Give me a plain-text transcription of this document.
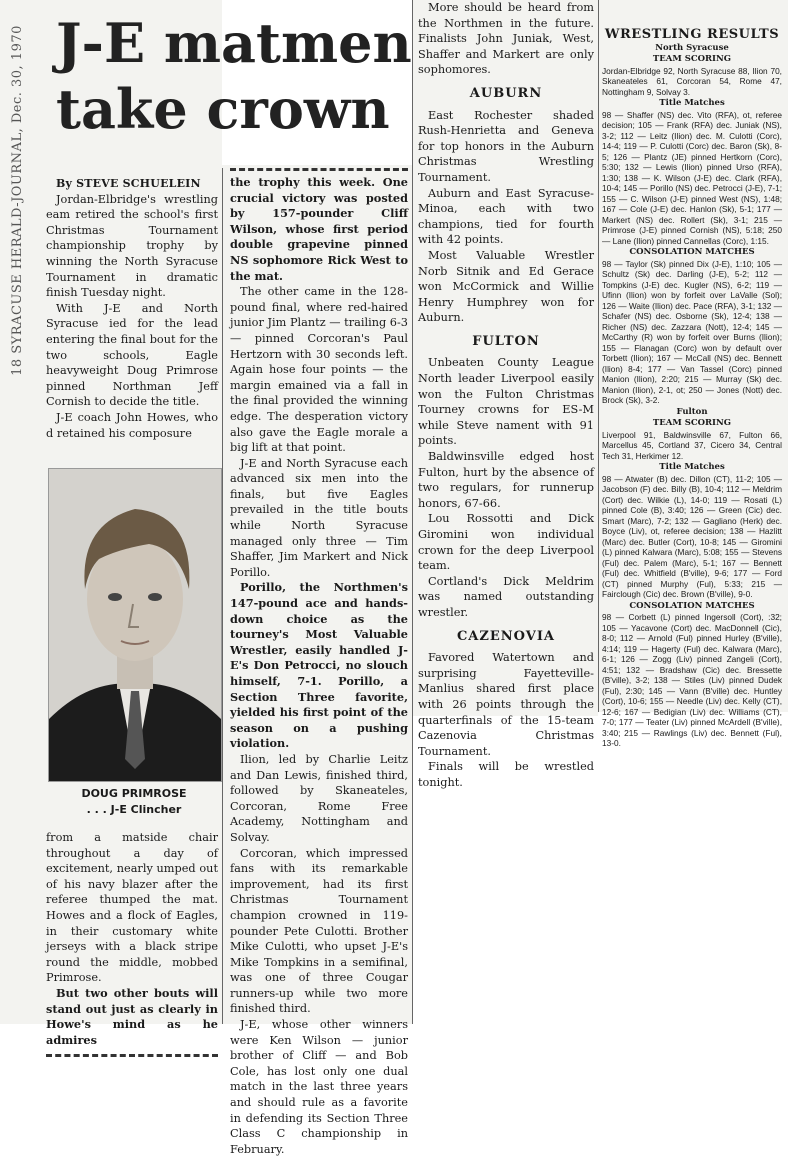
18 SYRACUSE HERALD-JOURNAL, Dec. 30, 1970 J-E matmen take crown

By STEVE SCHUELEIN

Jordan-Elbridge's wrestling eam retired the school's first Christmas Tournament championship trophy by winning the North Syracuse Tournament in dramatic finish Tuesday night.

With J-E and North Syracuse ied for the lead entering the final bout for the two schools, Eagle heavyweight Doug Primrose pinned Northman Jeff Cornish to decide the title.

J-E coach John Howes, who d retained his composure

DOUG PRIMROSE
. . . J-E Clincher

from a matside chair throughout a day of excitement, nearly umped out of his navy blazer after the referee thumped the mat. Howes and a flock of Eagles, in their customary white jerseys with a black stripe round the middle, mobbed Primrose.

But two other bouts will stand out just as clearly in Howe's mind as he admires

the trophy this week. One crucial victory was posted by 157-pounder Cliff Wilson, whose first period double grapevine pinned NS sophomore Rick West to the mat.

The other came in the 128-pound final, where red-haired junior Jim Plantz — trailing 6-3 — pinned Corcoran's Paul Hertzorn with 30 seconds left. Again hose four points — the margin emained via a fall in the final provided the winning edge. The desperation victory also gave the Eagle morale a big lift at that point.

J-E and North Syracuse each advanced six men into the finals, but five Eagles prevailed in the title bouts while North Syracuse managed only three — Tim Shaffer, Jim Markert and Nick Porillo.

Porillo, the Northmen's 147-pound ace and hands-down choice as the tourney's Most Valuable Wrestler, easily handled J-E's Don Petrocci, no slouch himself, 7-1. Porillo, a Section Three favorite, yielded his first point of the season on a pushing violation.

Ilion, led by Charlie Leitz and Dan Lewis, finished third, followed by Skaneateles, Corcoran, Rome Free Academy, Nottingham and Solvay.

Corcoran, which impressed fans with its remarkable improvement, had its first Christmas Tournament champion crowned in 119-pounder Pete Culotti. Brother Mike Culotti, who upset J-E's Mike Tompkins in a semifinal, was one of three Cougar runners-up while two more finished third.

J-E, whose other winners were Ken Wilson — junior brother of Cliff — and Bob Cole, has lost only one dual match in the last three years and should rule as a favorite in defending its Section Three Class C championship in February.

More should be heard from the Northmen in the future. Finalists John Juniak, West, Shaffer and Markert are only sophomores.

AUBURN

East Rochester shaded Rush-Henrietta and Geneva for top honors in the Auburn Christmas Wrestling Tournament.

Auburn and East Syracuse-Minoa, each with two champions, tied for fourth with 42 points.

Most Valuable Wrestler Norb Sitnik and Ed Gerace won McCormick and Willie Henry Humphrey won for Auburn.

FULTON

Unbeaten County League North leader Liverpool easily won the Fulton Christmas Tourney crowns for ES-M while Steve nament with 91 points.

Baldwinsville edged host Fulton, hurt by the absence of two regulars, for runnerup honors, 67-66.

Lou Rossotti and Dick Giromini won individual crown for the deep Liverpool team.

Cortland's Dick Meldrim was named outstanding wrestler.

CAZENOVIA

Favored Watertown and surprising Fayetteville-Manlius shared first place with 26 points through the quarterfinals of the 15-team Cazenovia Christmas Tournament.

Finals will be wrestled tonight.

WRESTLING RESULTS
North Syracuse
TEAM SCORING

Jordan-Elbridge 92, North Syracuse 88, Ilion 70, Skaneateles 61, Corcoran 54, Rome 47, Nottingham 9, Solvay 3.

Title Matches

98 — Shaffer (NS) dec. Vito (RFA), ot, referee decision; 105 — Frank (RFA) dec. Juniak (NS), 3-2; 112 — Leitz (Ilion) dec. M. Culotti (Corc), 14-4; 119 — P. Culotti (Corc) dec. Baron (Sk), 8-5; 126 — Plantz (JE) pinned Hertkorn (Corc), 5:30; 132 — Lewis (Ilion) pinned Urso (RFA), 1:30; 138 — K. Wilson (J-E) dec. Clark (RFA), 10-4; 145 — Porillo (NS) dec. Petrocci (J-E), 7-1; 155 — C. Wilson (J-E) pinned West (NS), 1:48; 167 — Cole (J-E) dec. Hanlon (Sk), 5-1; 177 — Markert (NS) dec. Rollert (Sk), 3-1; 215 — Primrose (J-E) pinned Cornish (NS), 5:18; 250 — Lane (Ilion) pinned Cannellas (Corc), 1:15.

CONSOLATION MATCHES

98 — Taylor (Sk) pinned Dix (J-E), 1:10; 105 — Schultz (Sk) dec. Darling (J-E), 5-2; 112 — Tompkins (J-E) dec. Kugler (NS), 6-2; 119 — Ufinn (Ilion) won by forfeit over LaValle (Sol); 126 — Waite (Ilion) dec. Pace (RFA), 3-1; 132 — Schafer (NS) dec. Osborne (Sk), 12-4; 138 — Richer (NS) dec. Zazzara (Nott), 12-4; 145 — McCarthy (R) won by forfeit over Burns (Ilion); 155 — Flanagan (Corc) won by default over Torbett (Ilion); 167 — McCall (NS) dec. Bennett (Ilion) 8-4; 177 — Van Tassel (Corc) pinned Manion (Ilion), 2:20; 215 — Murray (Sk) dec. Manion (Ilion), 2-1, ot; 250 — Jones (Nott) dec. Brock (Sk), 3-2.

Fulton
TEAM SCORING

Liverpool 91, Baldwinsville 67, Fulton 66, Marcellus 45, Cortland 37, Cicero 34, Central Tech 31, Herkimer 12.

Title Matches

98 — Atwater (B) dec. Dillon (CT), 11-2; 105 — Jacobson (F) dec. Billy (B), 10-4; 112 — Meldrim (Cort) dec. Wilkie (L), 14-0; 119 — Rosati (L) pinned Cole (B), 3:40; 126 — Green (Cic) dec. Smart (Marc), 7-2; 132 — Gagliano (Herk) dec. Boyce (Liv), ot, referee decision; 138 — Hazlitt (Marc) dec. Butler (Cort), 10-8; 145 — Giromini (L) pinned Kalwara (Marc), 5:08; 155 — Stevens (Ful) dec. Palem (Marc), 5-1; 167 — Bennett (Ful) dec. Whitfield (B'ville), 9-6; 177 — Ford (CT) pinned Murphy (Ful), 5:33; 215 — Fairclough (Cic) dec. Brown (B'ville), 9-0.

CONSOLATION MATCHES

98 — Corbett (L) pinned Ingersoll (Cort), :32; 105 — Yacavone (Cort) dec. MacDonnell (Cic), 8-0; 112 — Arnold (Ful) pinned Hurley (B'ville), 4:14; 119 — Hagerty (Ful) dec. Kalwara (Marc), 6-1; 126 — Zogg (Liv) pinned Zangeli (Cort), 4:51; 132 — Bradshaw (Cic) dec. Bressette (B'ville), 3-2; 138 — Stiles (Liv) pinned Dudek (Ful), 2:30; 145 — Vann (B'ville) dec. Huntley (Cort), 10-6; 155 — Needle (Liv) dec. Kelly (CT), 12-6; 167 — Bedigian (Liv) dec. Williams (CT), 7-0; 177 — Teater (Liv) pinned McArdell (B'ville), 3:40; 215 — Rawlings (Liv) dec. Bennett (Ful), 13-0.
